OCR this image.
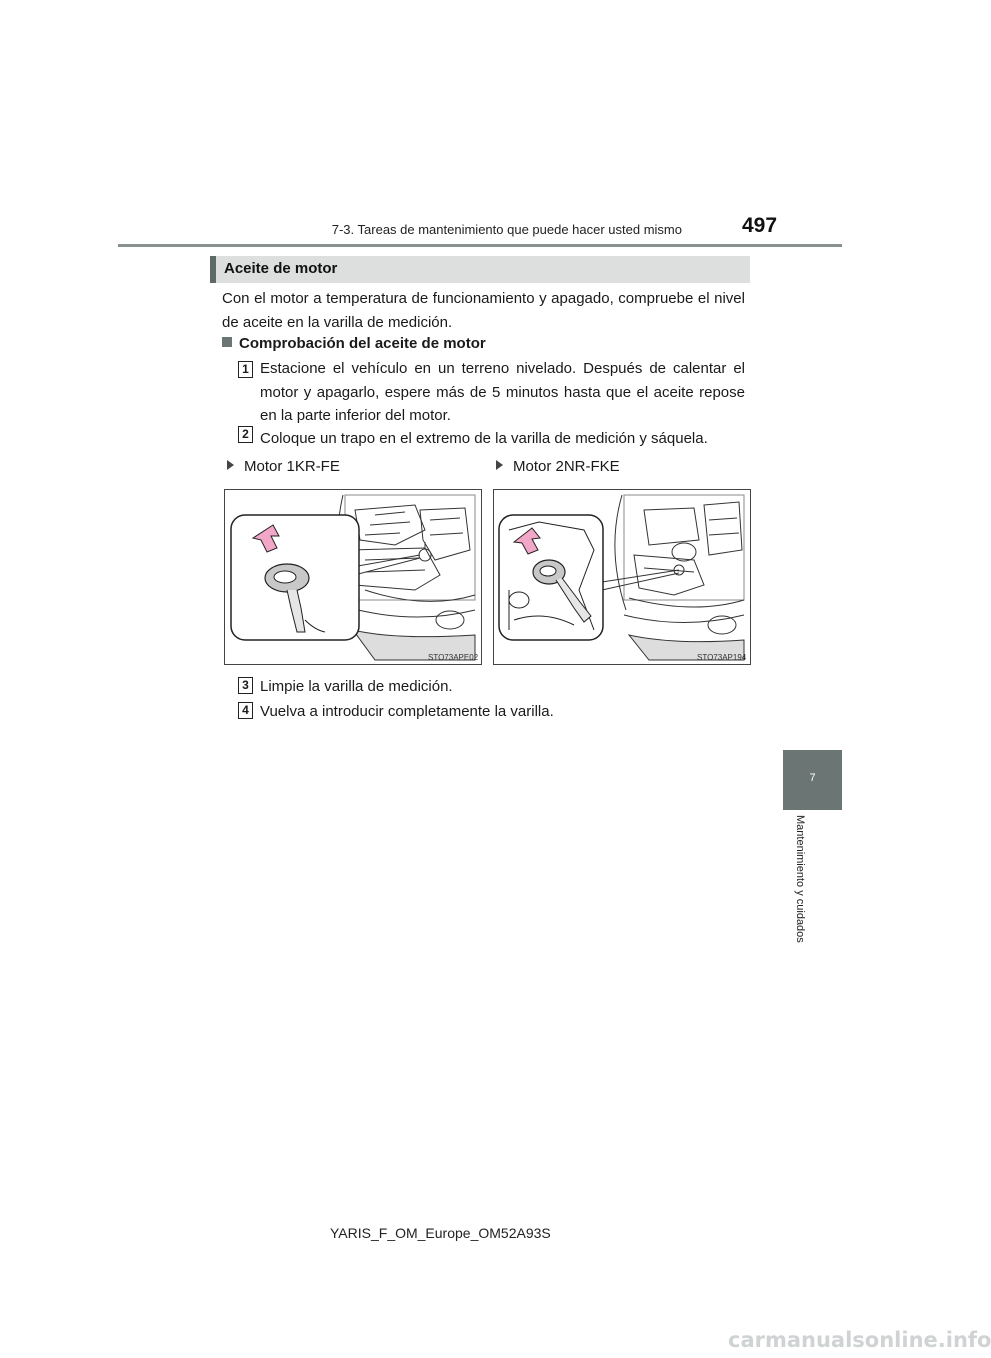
7-3. Tareas de mantenimiento que puede hacer usted mismo	497
Aceite de motor
Con el motor a temperatura de funcionamiento y apagado, compruebe el nivel de aceite en la varilla de medición.
Comprobación del aceite de motor
1 Estacione el vehículo en un terreno nivelado. Después de calentar el motor y apagarlo, espere más de 5 minutos hasta que el aceite repose en la parte inferior del motor.
2 Coloque un trapo en el extremo de la varilla de medición y sáquela.
Motor 1KR-FE	Motor 2NR-FKE
STO73APE02	STO73AP194
3 Limpie la varilla de medición.
4 Vuelva a introducir completamente la varilla.
7
Mantenimiento y cuidados
YARIS_F_OM_Europe_OM52A93S
carmanualsonline.info
